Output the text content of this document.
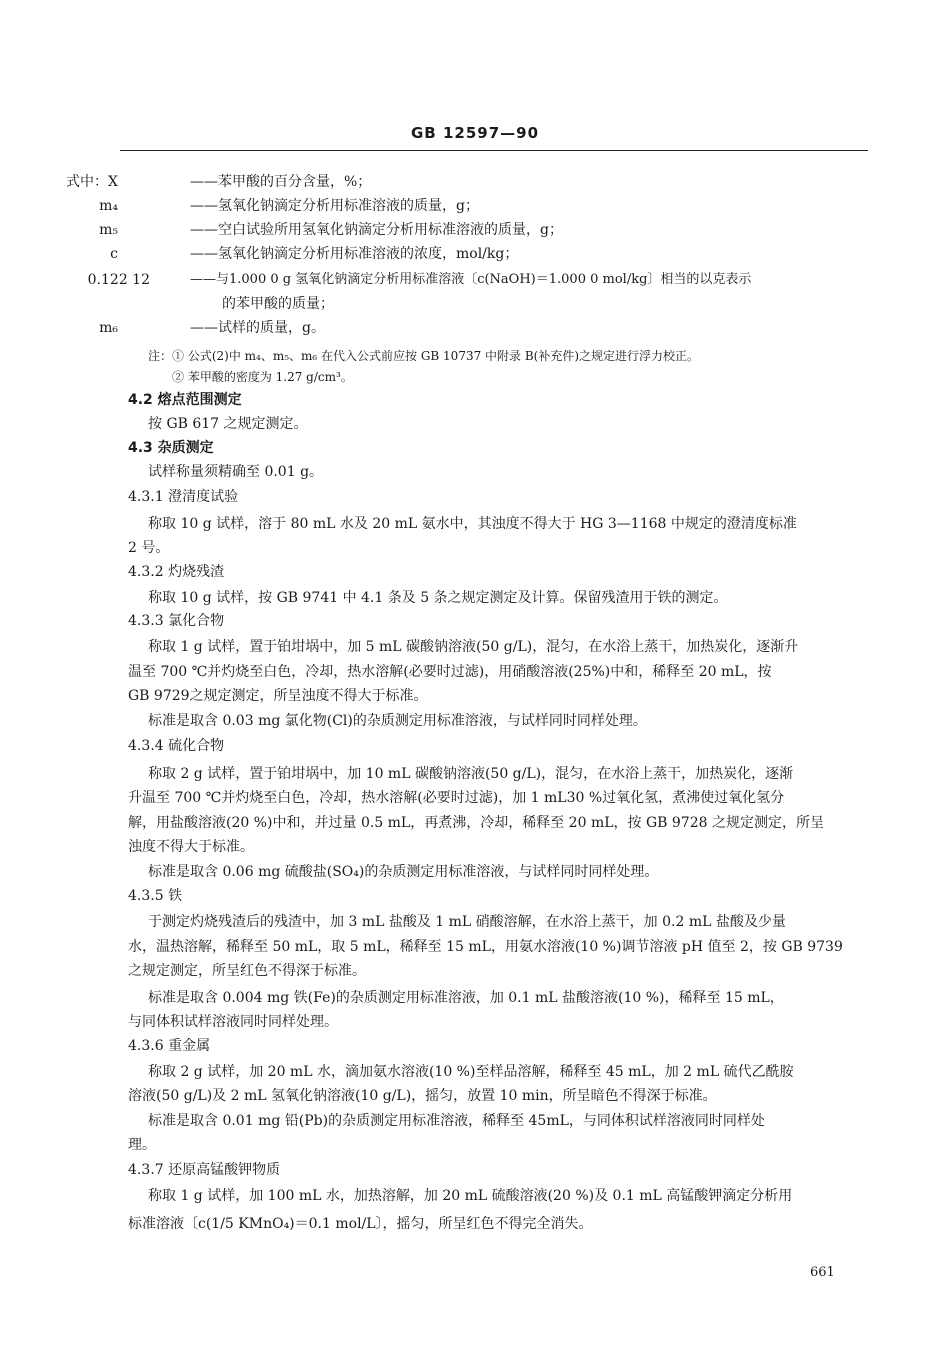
GB 12597—90
式中：X	——苯甲酸的百分含量，%；
m₄	——氢氧化钠滴定分析用标准溶液的质量，g；
m₅	——空白试验所用氢氧化钠滴定分析用标准溶液的质量，g；
c	——氢氧化钠滴定分析用标准溶液的浓度，mol/kg；
0.122 12	——与1.000 0 g 氢氧化钠滴定分析用标准溶液〔c(NaOH)＝1.000 0 mol/kg〕相当的以克表示
的苯甲酸的质量；
m₆	——试样的质量，g。
注：① 公式(2)中 m₄、m₅、m₆ 在代入公式前应按 GB 10737 中附录 B(补充件)之规定进行浮力校正。
② 苯甲酸的密度为 1.27 g/cm³。
4.2 熔点范围测定
按 GB 617 之规定测定。
4.3 杂质测定
试样称量须精确至 0.01 g。
4.3.1 澄清度试验
称取 10 g 试样，溶于 80 mL 水及 20 mL 氨水中，其浊度不得大于 HG 3—1168 中规定的澄清度标准
2 号。
4.3.2 灼烧残渣
称取 10 g 试样，按 GB 9741 中 4.1 条及 5 条之规定测定及计算。保留残渣用于铁的测定。
4.3.3 氯化合物
称取 1 g 试样，置于铂坩埚中，加 5 mL 碳酸钠溶液(50 g/L)，混匀，在水浴上蒸干，加热炭化，逐渐升
温至 700 ℃并灼烧至白色，冷却，热水溶解(必要时过滤)，用硝酸溶液(25%)中和，稀释至 20 mL，按
GB 9729之规定测定，所呈浊度不得大于标准。
标准是取含 0.03 mg 氯化物(Cl)的杂质测定用标准溶液，与试样同时同样处理。
4.3.4 硫化合物
称取 2 g 试样，置于铂坩埚中，加 10 mL 碳酸钠溶液(50 g/L)，混匀，在水浴上蒸干，加热炭化，逐渐
升温至 700 ℃并灼烧至白色，冷却，热水溶解(必要时过滤)，加 1 mL30 %过氧化氢，煮沸使过氧化氢分
解，用盐酸溶液(20 %)中和，并过量 0.5 mL，再煮沸，冷却，稀释至 20 mL，按 GB 9728 之规定测定，所呈
浊度不得大于标准。
标准是取含 0.06 mg 硫酸盐(SO₄)的杂质测定用标准溶液，与试样同时同样处理。
4.3.5 铁
于测定灼烧残渣后的残渣中，加 3 mL 盐酸及 1 mL 硝酸溶解，在水浴上蒸干，加 0.2 mL 盐酸及少量
水，温热溶解，稀释至 50 mL，取 5 mL，稀释至 15 mL，用氨水溶液(10 %)调节溶液 pH 值至 2，按 GB 9739
之规定测定，所呈红色不得深于标准。
标准是取含 0.004 mg 铁(Fe)的杂质测定用标准溶液，加 0.1 mL 盐酸溶液(10 %)，稀释至 15 mL，
与同体积试样溶液同时同样处理。
4.3.6 重金属
称取 2 g 试样，加 20 mL 水，滴加氨水溶液(10 %)至样品溶解，稀释至 45 mL，加 2 mL 硫代乙酰胺
溶液(50 g/L)及 2 mL 氢氧化钠溶液(10 g/L)，摇匀，放置 10 min，所呈暗色不得深于标准。
标准是取含 0.01 mg 铅(Pb)的杂质测定用标准溶液，稀释至 45mL，与同体积试样溶液同时同样处
理。
4.3.7 还原高锰酸钾物质
称取 1 g 试样，加 100 mL 水，加热溶解，加 20 mL 硫酸溶液(20 %)及 0.1 mL 高锰酸钾滴定分析用
标准溶液〔c(1/5 KMnO₄)＝0.1 mol/L〕，摇匀，所呈红色不得完全消失。
661
